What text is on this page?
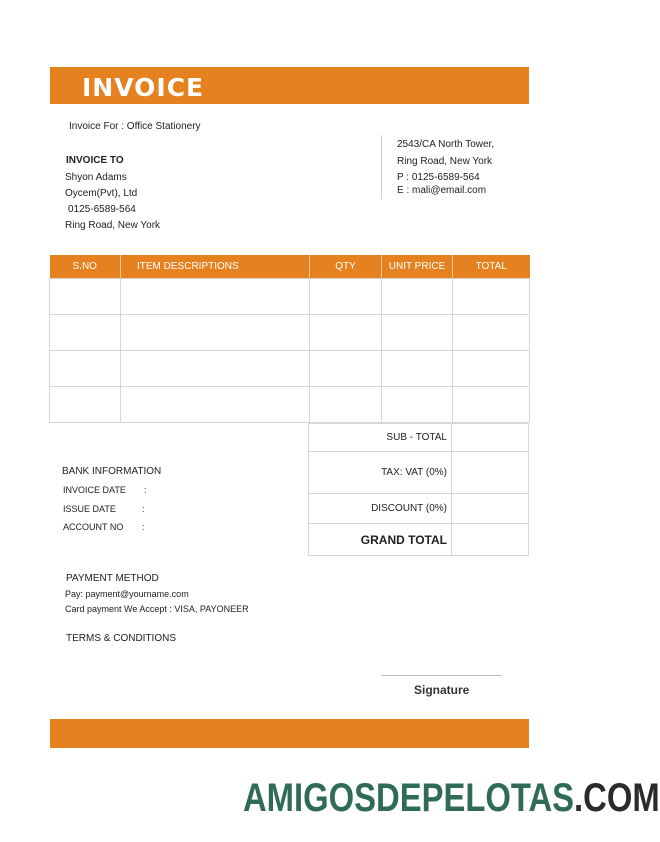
INVOICE
Invoice For : Office Stationery
INVOICE TO
Shyon Adams
Oycem(Pvt), Ltd
0125-6589-564
Ring Road, New York
2543/CA North Tower,
Ring Road, New York
P : 0125-6589-564
E : mali@email.com
S.NO	ITEM DESCRIPTIONS	QTY	UNIT PRICE	TOTAL

SUB - TOTAL	
TAX: VAT (0%)	
DISCOUNT (0%)	
GRAND TOTAL	
BANK INFORMATION
INVOICE DATE :
ISSUE DATE	:
ACCOUNT NO :
PAYMENT METHOD
Pay: payment@yourname.com
Card payment We Accept : VISA, PAYONEER
TERMS & CONDITIONS
Signature
AMIGOSDEPELOTAS.COM
